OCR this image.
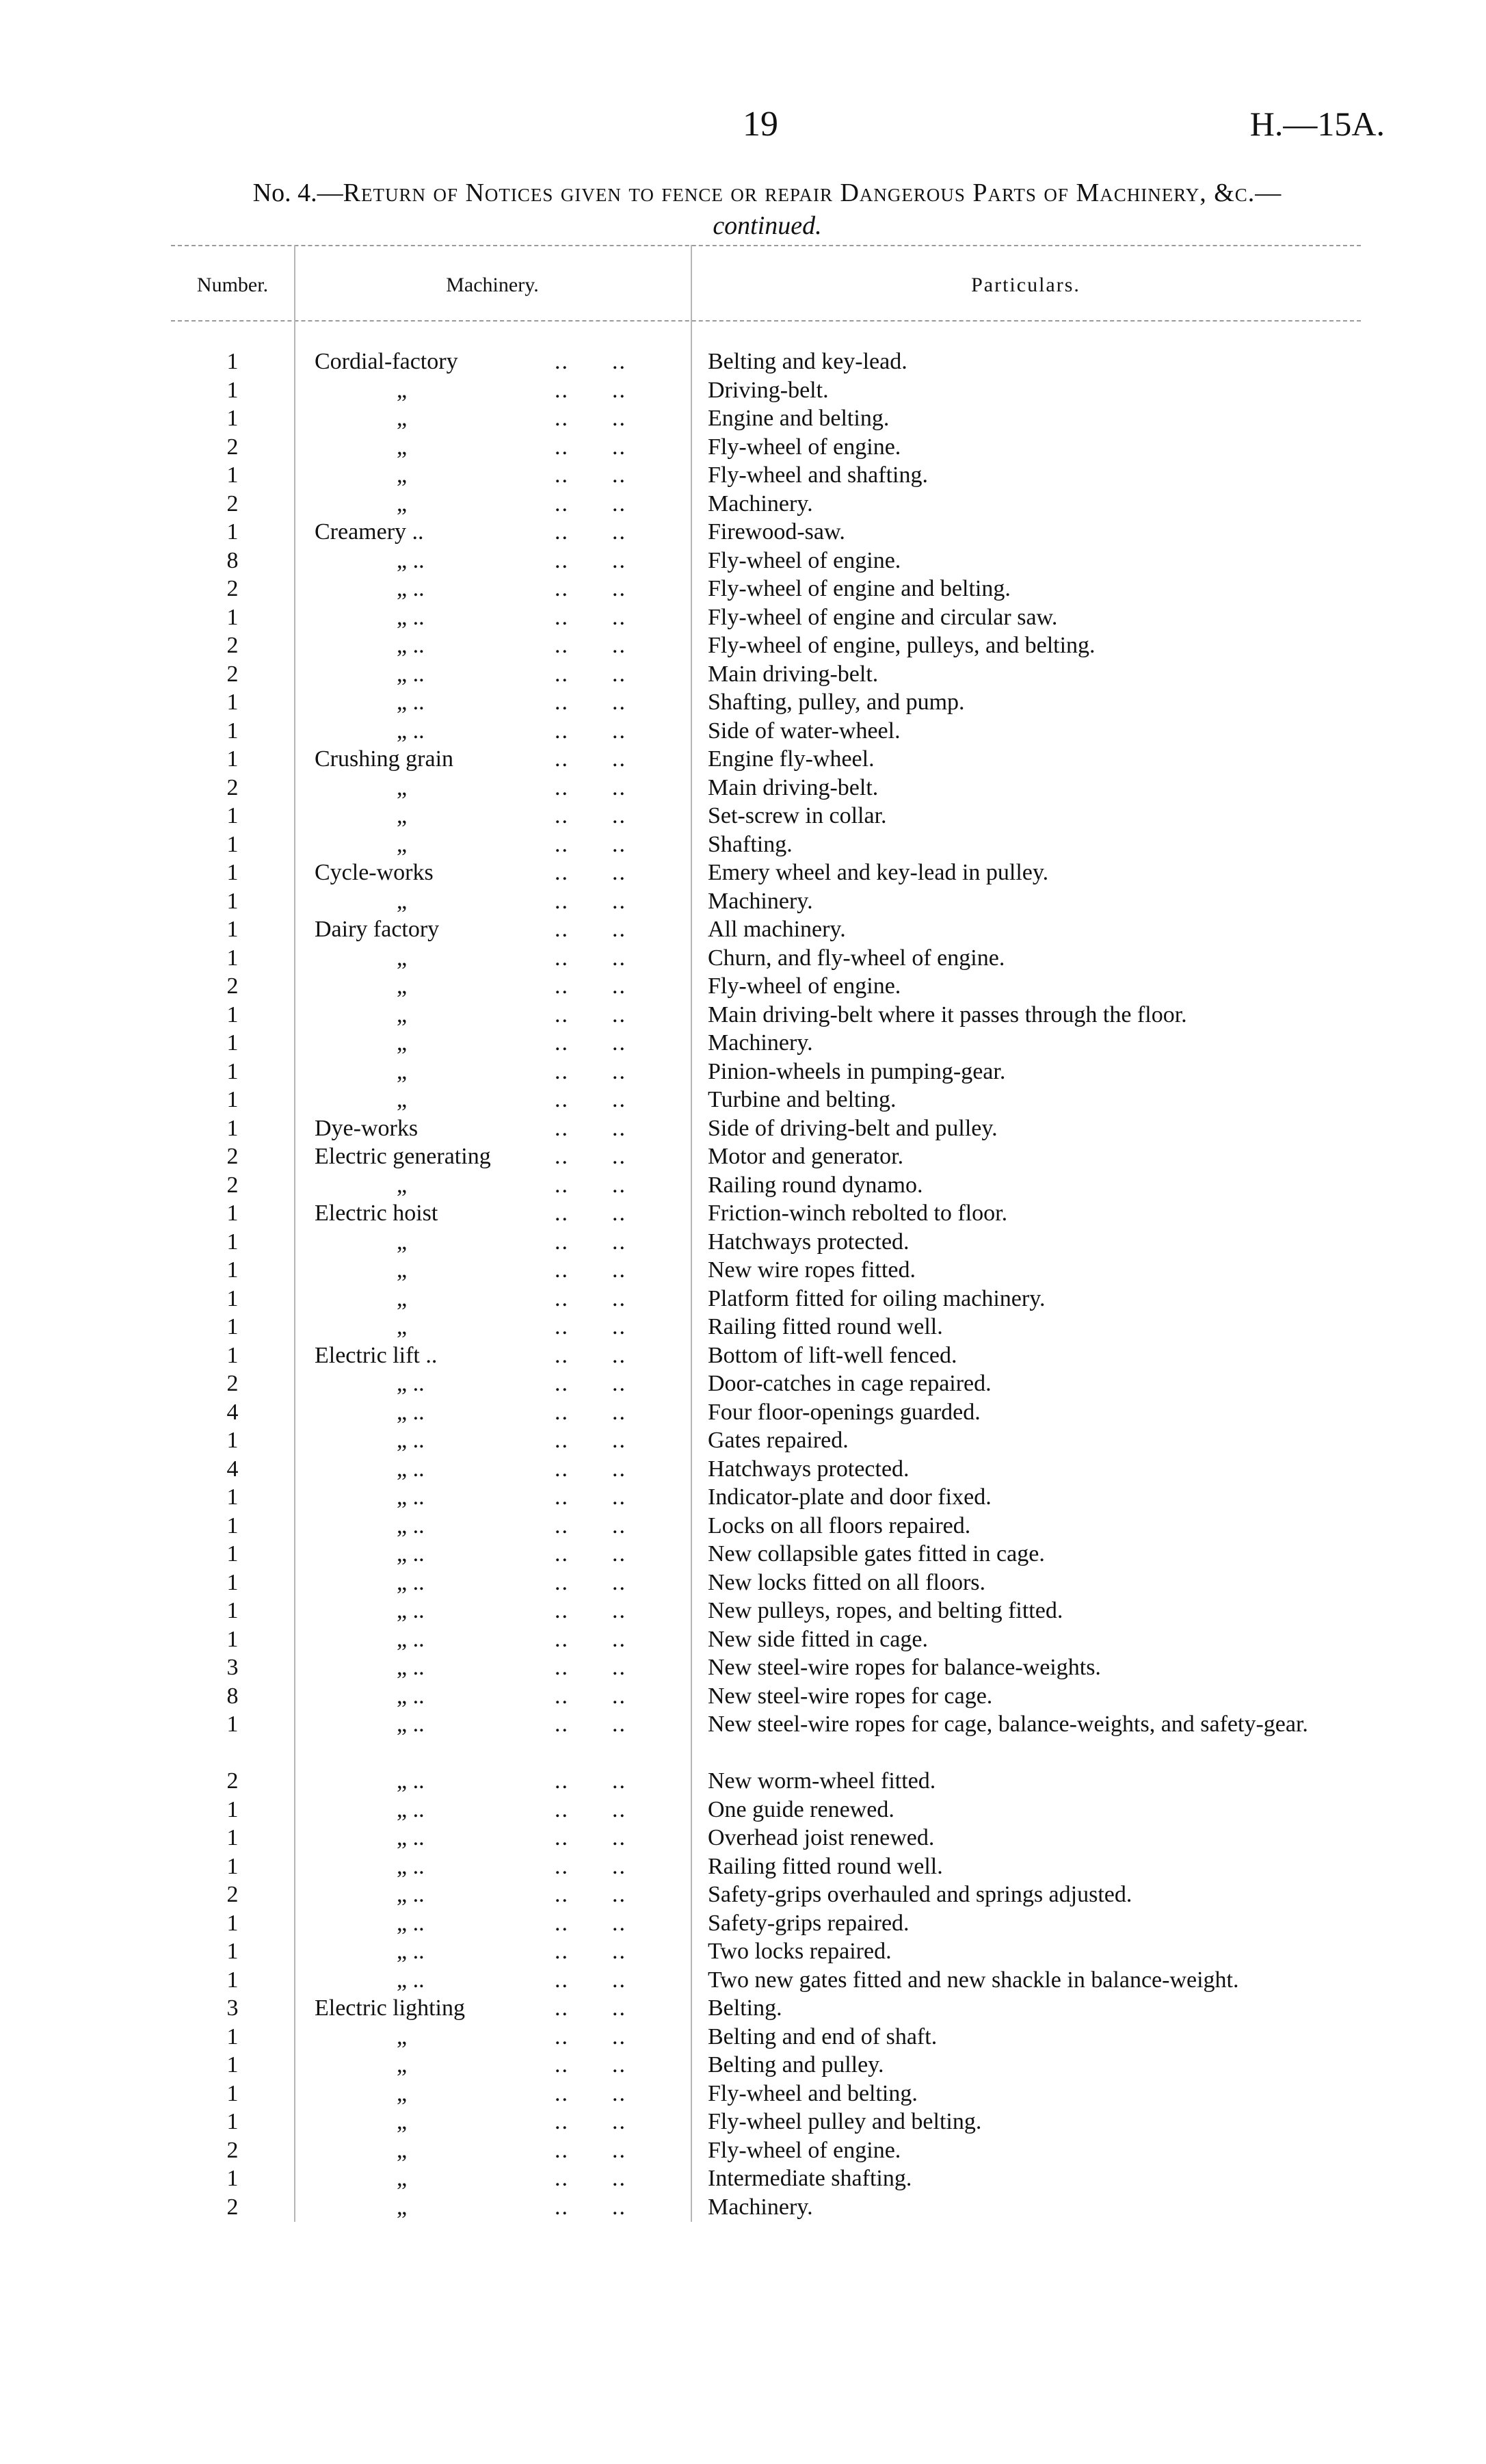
19	H.—15A.
No. 4.—Return of Notices given to fence or repair Dangerous Parts of Machinery, &c.—
continued.
Number.	Machinery.	Particulars.
1	Cordial-factory	..      ..	Belting and key-lead.
1	„	..      ..	Driving-belt.
1	„	..      ..	Engine and belting.
2	„	..      ..	Fly-wheel of engine.
1	„	..      ..	Fly-wheel and shafting.
2	„	..      ..	Machinery.
1	Creamery ..	..      ..	Firewood-saw.
8	„ ..	..      ..	Fly-wheel of engine.
2	„ ..	..      ..	Fly-wheel of engine and belting.
1	„ ..	..      ..	Fly-wheel of engine and circular saw.
2	„ ..	..      ..	Fly-wheel of engine, pulleys, and belting.
2	„ ..	..      ..	Main driving-belt.
1	„ ..	..      ..	Shafting, pulley, and pump.
1	„ ..	..      ..	Side of water-wheel.
1	Crushing grain	..      ..	Engine fly-wheel.
2	„	..      ..	Main driving-belt.
1	„	..      ..	Set-screw in collar.
1	„	..      ..	Shafting.
1	Cycle-works	..      ..	Emery wheel and key-lead in pulley.
1	„	..      ..	Machinery.
1	Dairy factory	..      ..	All machinery.
1	„	..      ..	Churn, and fly-wheel of engine.
2	„	..      ..	Fly-wheel of engine.
1	„	..      ..	Main driving-belt where it passes through the floor.
1	„	..      ..	Machinery.
1	„	..      ..	Pinion-wheels in pumping-gear.
1	„	..      ..	Turbine and belting.
1	Dye-works	..      ..	Side of driving-belt and pulley.
2	Electric generating	..      ..	Motor and generator.
2	„	..      ..	Railing round dynamo.
1	Electric hoist	..      ..	Friction-winch rebolted to floor.
1	„	..      ..	Hatchways protected.
1	„	..      ..	New wire ropes fitted.
1	„	..      ..	Platform fitted for oiling machinery.
1	„	..      ..	Railing fitted round well.
1	Electric lift ..	..      ..	Bottom of lift-well fenced.
2	„ ..	..      ..	Door-catches in cage repaired.
4	„ ..	..      ..	Four floor-openings guarded.
1	„ ..	..      ..	Gates repaired.
4	„ ..	..      ..	Hatchways protected.
1	„ ..	..      ..	Indicator-plate and door fixed.
1	„ ..	..      ..	Locks on all floors repaired.
1	„ ..	..      ..	New collapsible gates fitted in cage.
1	„ ..	..      ..	New locks fitted on all floors.
1	„ ..	..      ..	New pulleys, ropes, and belting fitted.
1	„ ..	..      ..	New side fitted in cage.
3	„ ..	..      ..	New steel-wire ropes for balance-weights.
8	„ ..	..      ..	New steel-wire ropes for cage.
1	„ ..	..      ..	New steel-wire ropes for cage, balance-weights, and safety-gear.
2	„ ..	..      ..	New worm-wheel fitted.
1	„ ..	..      ..	One guide renewed.
1	„ ..	..      ..	Overhead joist renewed.
1	„ ..	..      ..	Railing fitted round well.
2	„ ..	..      ..	Safety-grips overhauled and springs adjusted.
1	„ ..	..      ..	Safety-grips repaired.
1	„ ..	..      ..	Two locks repaired.
1	„ ..	..      ..	Two new gates fitted and new shackle in balance-weight.
3	Electric lighting	..      ..	Belting.
1	„	..      ..	Belting and end of shaft.
1	„	..      ..	Belting and pulley.
1	„	..      ..	Fly-wheel and belting.
1	„	..      ..	Fly-wheel pulley and belting.
2	„	..      ..	Fly-wheel of engine.
1	„	..      ..	Intermediate shafting.
2	„	..      ..	Machinery.
